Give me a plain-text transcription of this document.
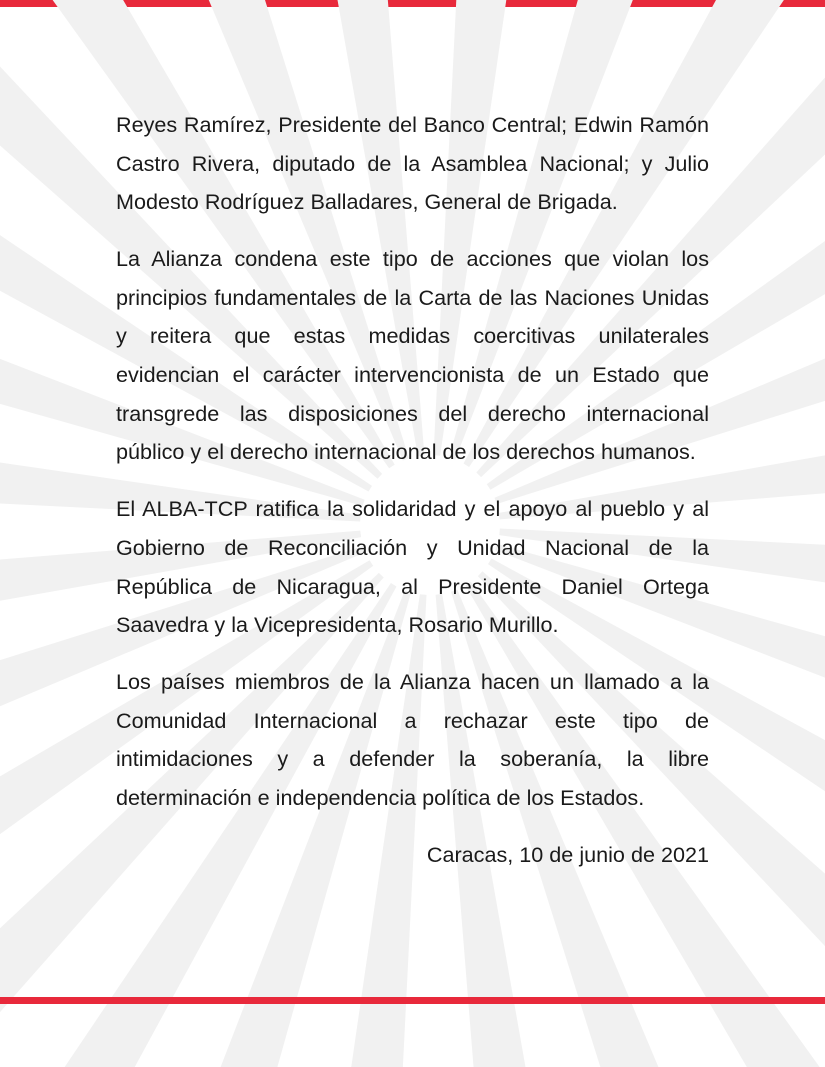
Reyes Ramírez, Presidente del Banco Central; Edwin Ramón Castro Rivera, diputado de la Asamblea Nacional; y Julio Modesto Rodríguez Balladares, General de Brigada.

La Alianza condena este tipo de acciones que violan los principios fundamentales de la Carta de las Naciones Unidas y reitera que estas medidas coercitivas unilaterales evidencian el carácter intervencionista de un Estado que transgrede las disposiciones del derecho internacional público y el derecho internacional de los derechos humanos.

El ALBA-TCP ratifica la solidaridad y el apoyo al pueblo y al Gobierno de Reconciliación y Unidad Nacional de la República de Nicaragua, al Presidente Daniel Ortega Saavedra y la Vicepresidenta, Rosario Murillo.

Los países miembros de la Alianza hacen un llamado a la Comunidad Internacional a rechazar este tipo de intimidaciones y a defender la soberanía, la libre determinación e independencia política de los Estados.

Caracas, 10 de junio de 2021
